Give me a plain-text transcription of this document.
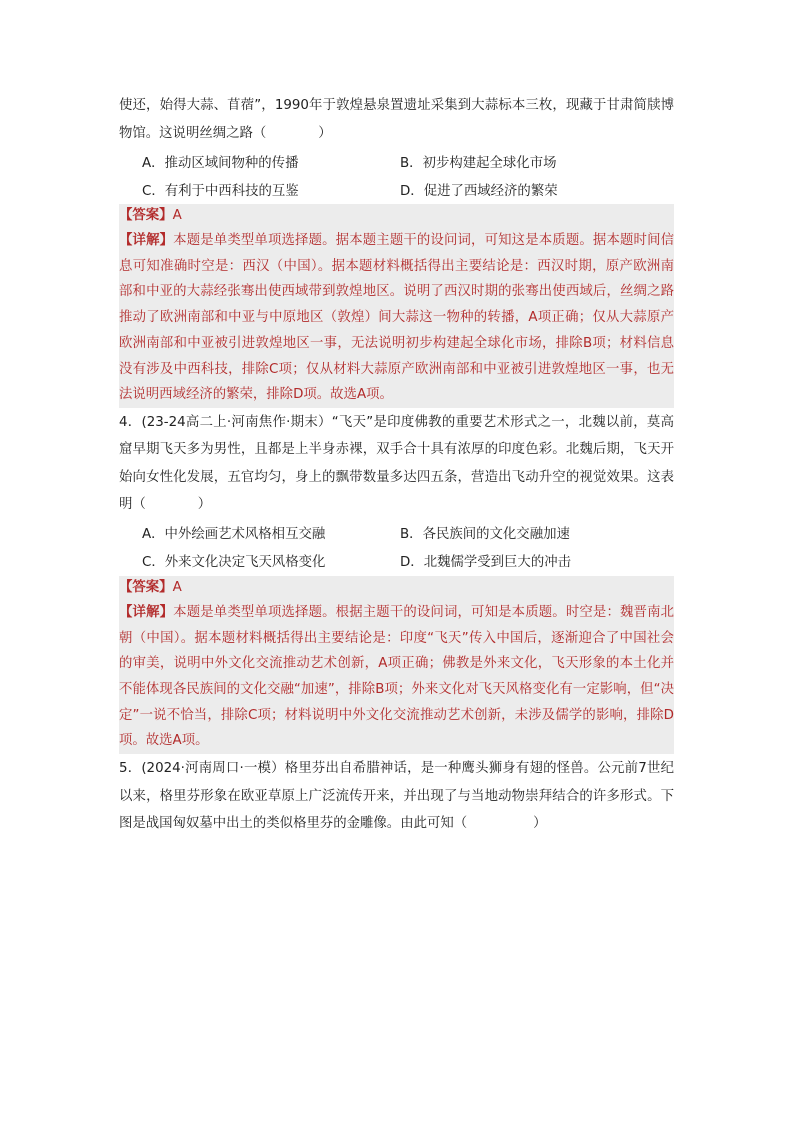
使还，始得大蒜、苜蓿”，1990年于敦煌悬泉置遗址采集到大蒜标本三枚，现藏于甘肃简牍博物馆。这说明丝绸之路（	）

A．推动区域间物种的传播	B．初步构建起全球化市场
C．有利于中西科技的互鉴	D．促进了西域经济的繁荣
【答案】A

【详解】本题是单类型单项选择题。据本题主题干的设问词，可知这是本质题。据本题时间信息可知准确时空是：西汉（中国）。据本题材料概括得出主要结论是：西汉时期，原产欧洲南部和中亚的大蒜经张骞出使西域带到敦煌地区。说明了西汉时期的张骞出使西域后，丝绸之路推动了欧洲南部和中亚与中原地区（敦煌）间大蒜这一物种的转播，A项正确；仅从大蒜原产欧洲南部和中亚被引进敦煌地区一事，无法说明初步构建起全球化市场，排除B项；材料信息没有涉及中西科技，排除C项；仅从材料大蒜原产欧洲南部和中亚被引进敦煌地区一事，也无法说明西域经济的繁荣，排除D项。故选A项。

4．(23-24高二上·河南焦作·期末）“飞天”是印度佛教的重要艺术形式之一，北魏以前，莫高窟早期飞天多为男性，且都是上半身赤裸，双手合十具有浓厚的印度色彩。北魏后期，飞天开始向女性化发展，五官均匀，身上的飘带数量多达四五条，营造出飞动升空的视觉效果。这表明（	）

A．中外绘画艺术风格相互交融	B．各民族间的文化交融加速
C．外来文化决定飞天风格变化	D．北魏儒学受到巨大的冲击
【答案】A

【详解】本题是单类型单项选择题。根据主题干的设问词，可知是本质题。时空是：魏晋南北朝（中国）。据本题材料概括得出主要结论是：印度“飞天”传入中国后，逐渐迎合了中国社会的审美，说明中外文化交流推动艺术创新，A项正确；佛教是外来文化，飞天形象的本土化并不能体现各民族间的文化交融“加速”，排除B项；外来文化对飞天风格变化有一定影响，但“决定”一说不恰当，排除C项；材料说明中外文化交流推动艺术创新，未涉及儒学的影响，排除D项。故选A项。

5．(2024·河南周口·一模）格里芬出自希腊神话，是一种鹰头狮身有翅的怪兽。公元前7世纪以来，格里芬形象在欧亚草原上广泛流传开来，并出现了与当地动物崇拜结合的许多形式。下图是战国匈奴墓中出土的类似格里芬的金雕像。由此可知（	）
